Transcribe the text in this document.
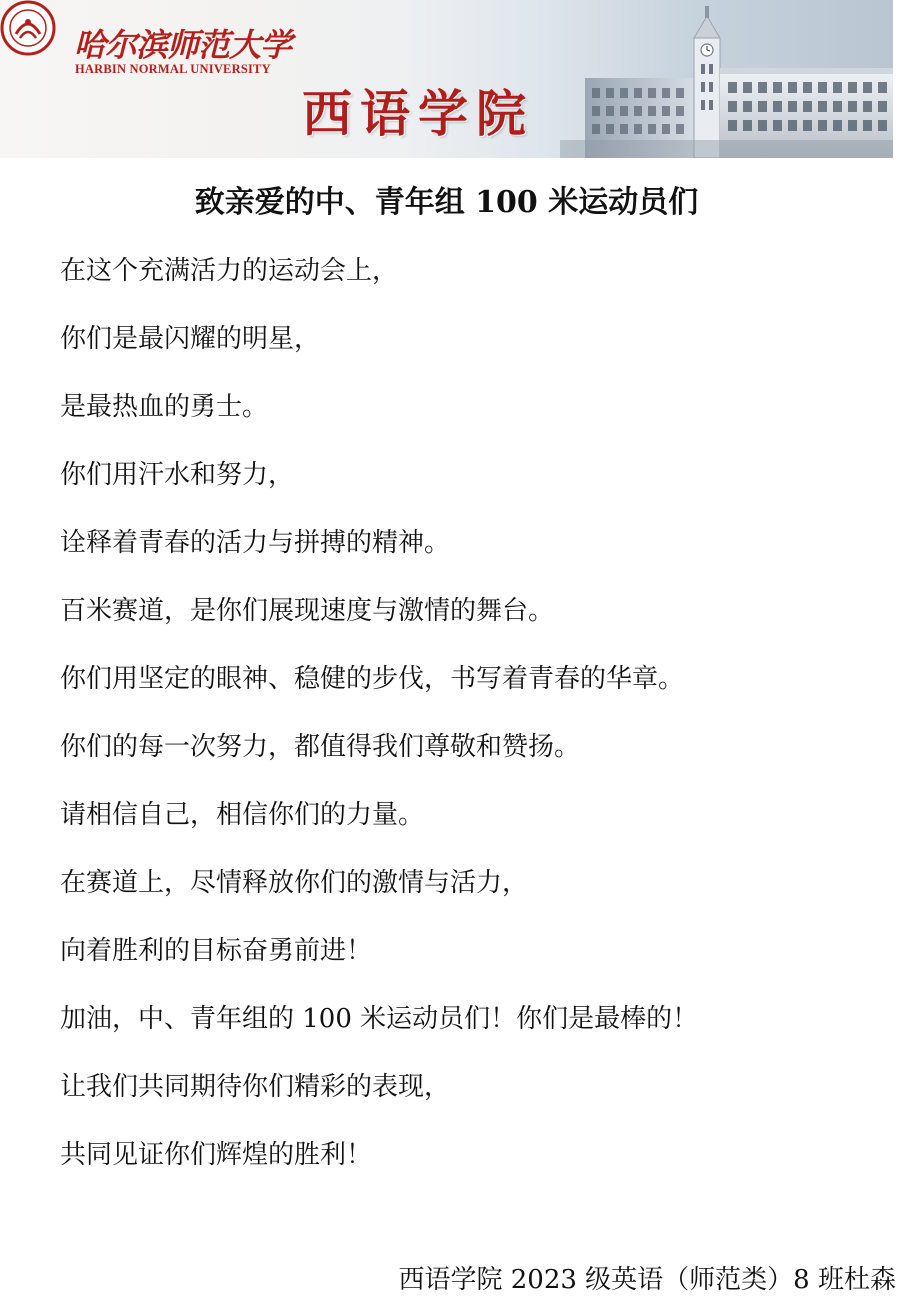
哈尔滨师范大学
HARBIN NORMAL UNIVERSITY
西语学院
致亲爱的中、青年组 100 米运动员们
在这个充满活力的运动会上，
你们是最闪耀的明星，
是最热血的勇士。
你们用汗水和努力，
诠释着青春的活力与拼搏的精神。
百米赛道，是你们展现速度与激情的舞台。
你们用坚定的眼神、稳健的步伐，书写着青春的华章。
你们的每一次努力，都值得我们尊敬和赞扬。
请相信自己，相信你们的力量。
在赛道上，尽情释放你们的激情与活力，
向着胜利的目标奋勇前进！
加油，中、青年组的 100 米运动员们！你们是最棒的！
让我们共同期待你们精彩的表现，
共同见证你们辉煌的胜利！
西语学院 2023 级英语（师范类）8 班杜森
